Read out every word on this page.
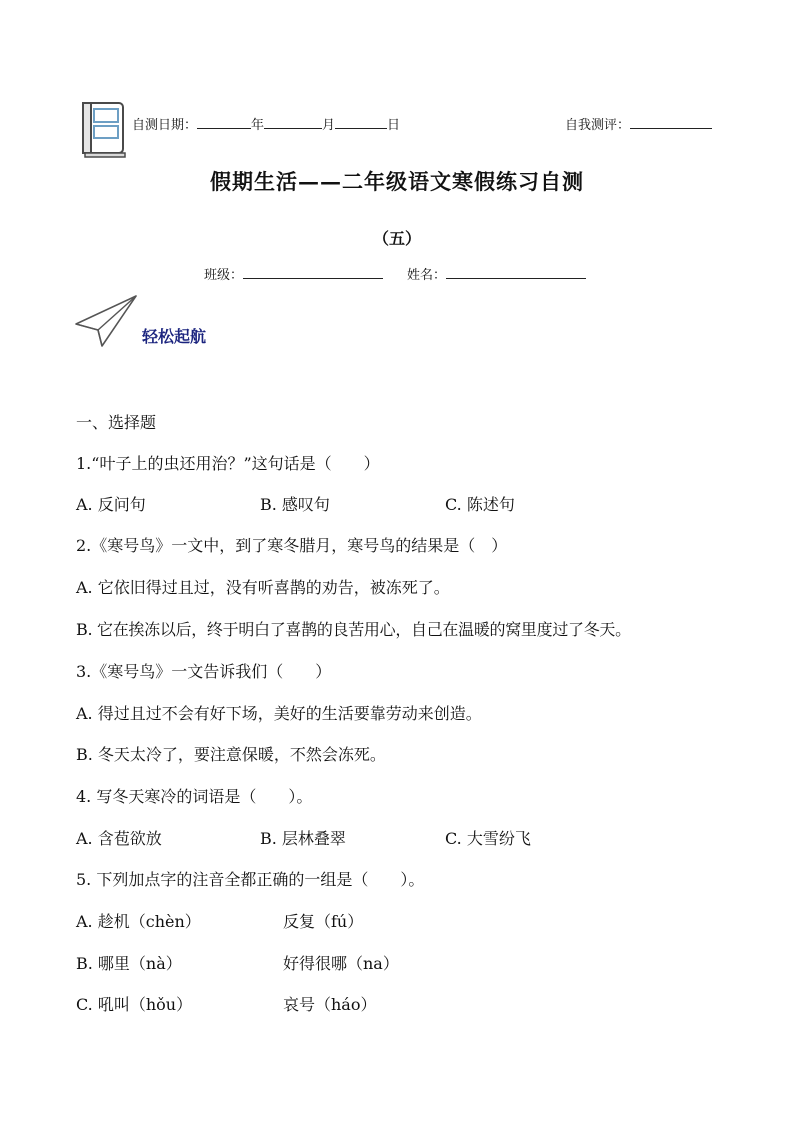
自测日期：	年	月	日	自我测评：
假期生活——二年级语文寒假练习自测
（五）
班级：	姓名：
轻松起航
一、选择题
1.“叶子上的虫还用治？”这句话是（　　）
A. 反问句	B. 感叹句	C. 陈述句
2.《寒号鸟》一文中，到了寒冬腊月，寒号鸟的结果是（　）
A. 它依旧得过且过，没有听喜鹊的劝告，被冻死了。
B. 它在挨冻以后，终于明白了喜鹊的良苦用心，自己在温暖的窝里度过了冬天。
3.《寒号鸟》一文告诉我们（　　）
A. 得过且过不会有好下场，美好的生活要靠劳动来创造。
B. 冬天太冷了，要注意保暖，不然会冻死。
4. 写冬天寒冷的词语是（　　）。
A. 含苞欲放	B. 层林叠翠	C. 大雪纷飞
5. 下列加点字的注音全都正确的一组是（　　）。
A. 趁机（chèn）	反复（fú）
B. 哪里（nà）	好得很哪（na）
C. 吼叫（hǒu）	哀号（háo）
